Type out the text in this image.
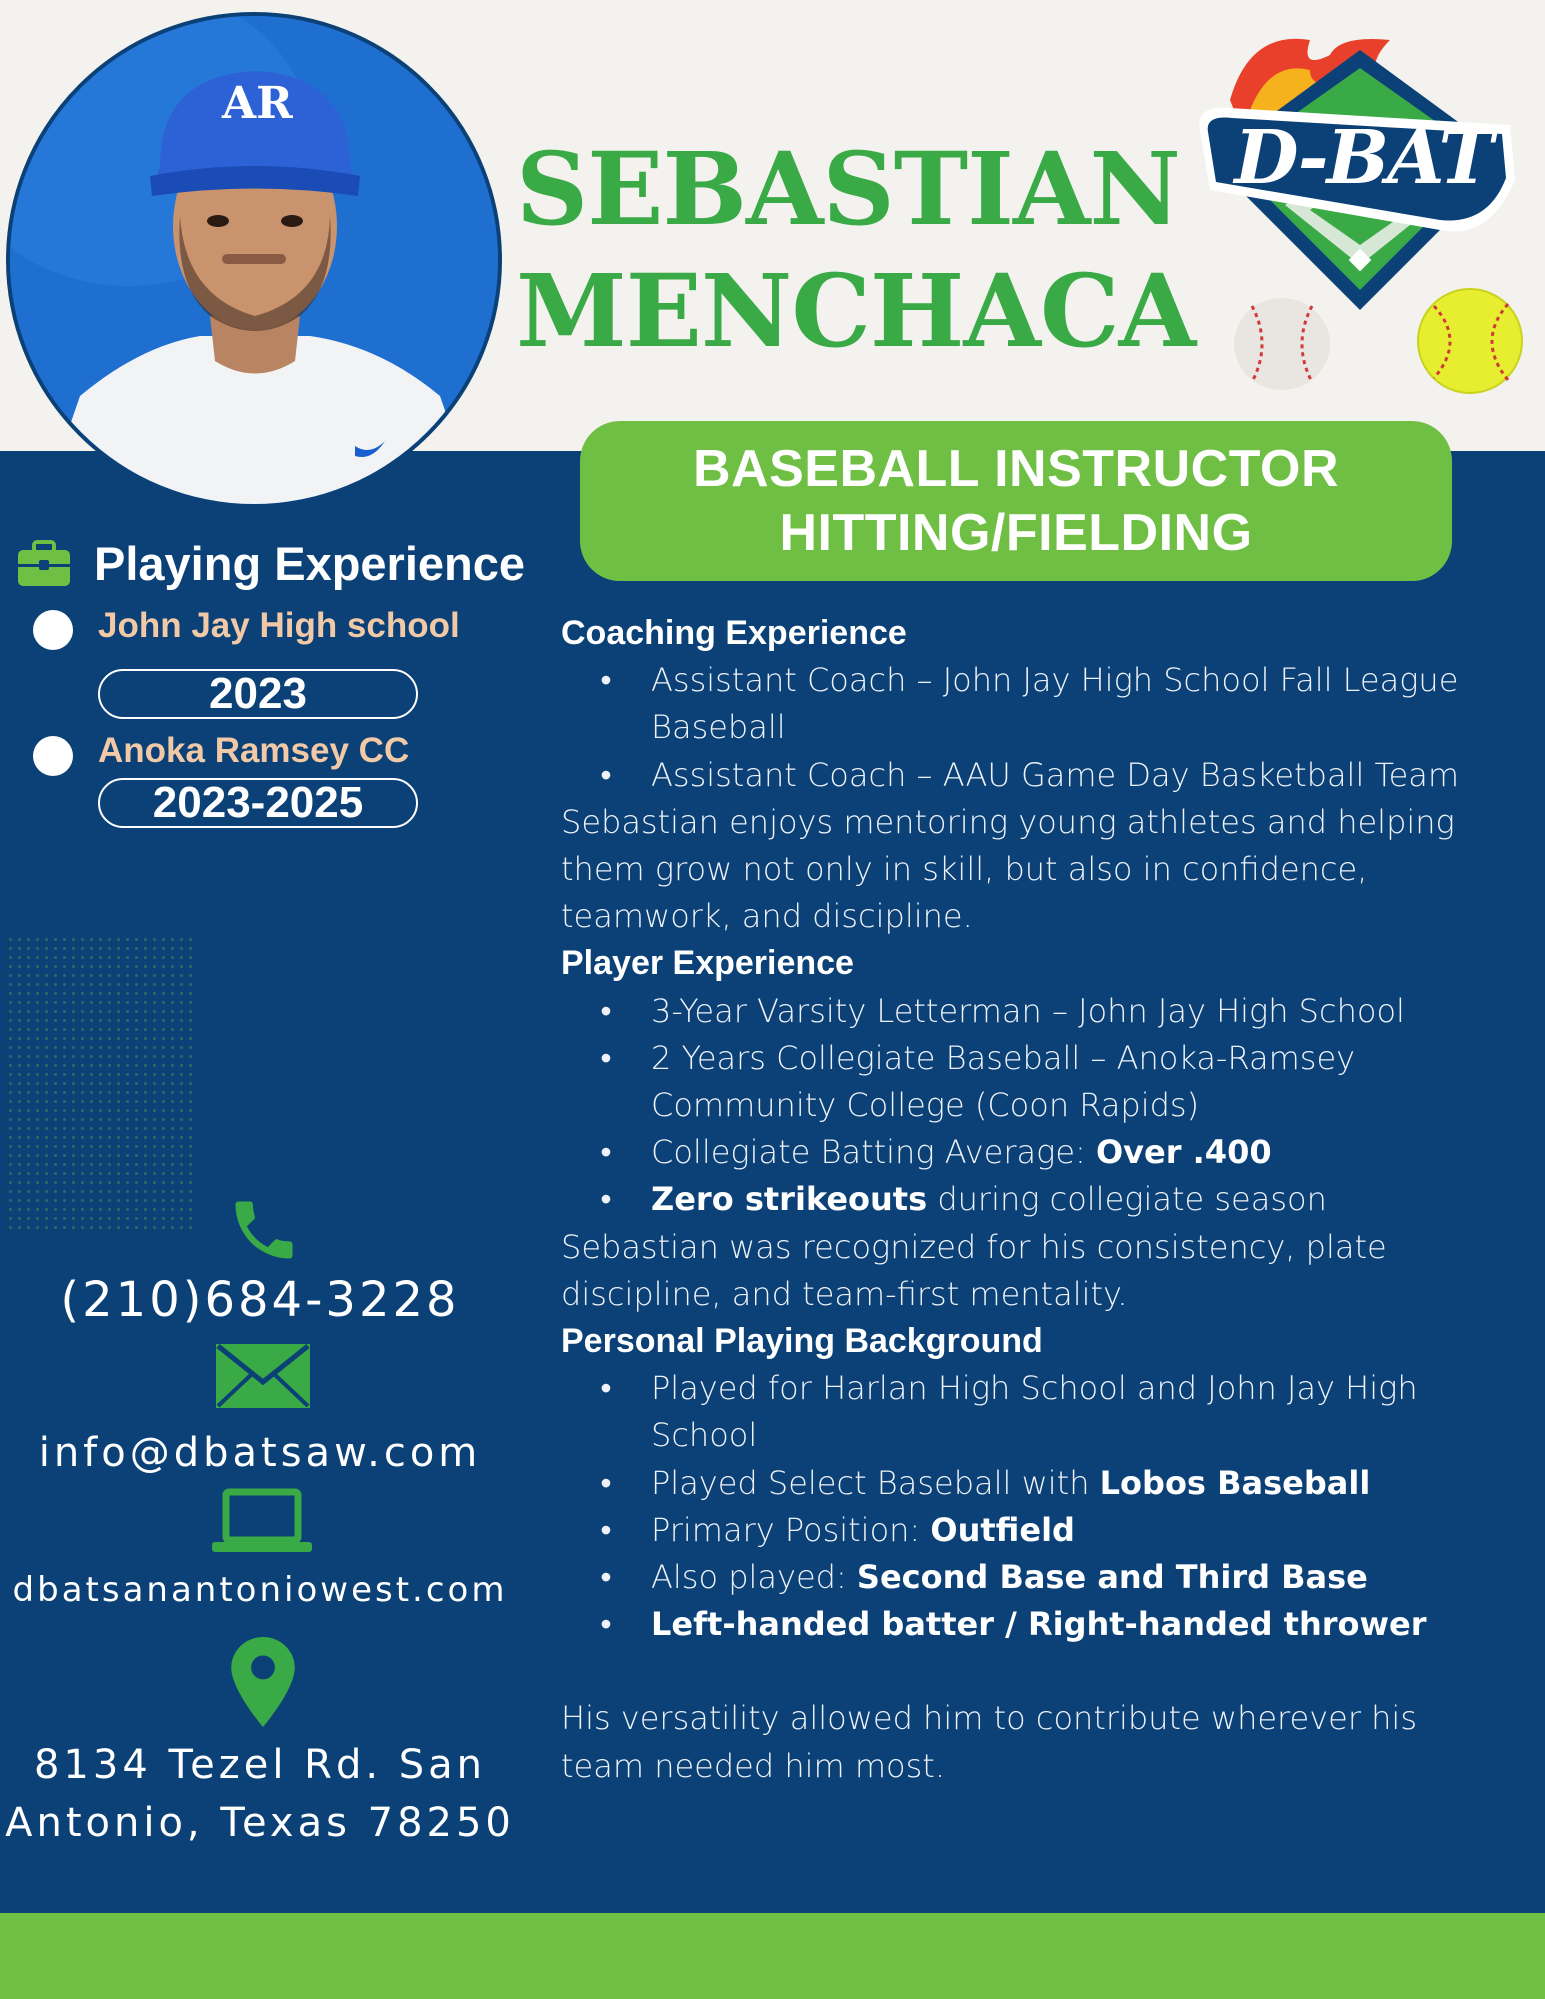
AR
SEBASTIAN
MENCHACA
D-BAT
BASEBALL INSTRUCTOR
HITTING/FIELDING
Playing Experience
John Jay High school
2023
Anoka Ramsey CC
2023-2025
(210)684-3228
info@dbatsaw.com
dbatsanantoniowest.com
8134 Tezel Rd. San
Antonio, Texas 78250
Coaching Experience
• Assistant Coach – John Jay High School Fall League Baseball
• Assistant Coach – AAU Game Day Basketball Team

Sebastian enjoys mentoring young athletes and helping them grow not only in skill, but also in confidence, teamwork, and discipline.

Player Experience
• 3-Year Varsity Letterman – John Jay High School
• 2 Years Collegiate Baseball – Anoka-Ramsey Community College (Coon Rapids)
• Collegiate Batting Average: Over .400
• Zero strikeouts during collegiate season

Sebastian was recognized for his consistency, plate discipline, and team-first mentality.

Personal Playing Background
• Played for Harlan High School and John Jay High School
• Played Select Baseball with Lobos Baseball
• Primary Position: Outfield
• Also played: Second Base and Third Base
• Left-handed batter / Right-handed thrower

His versatility allowed him to contribute wherever his team needed him most.
